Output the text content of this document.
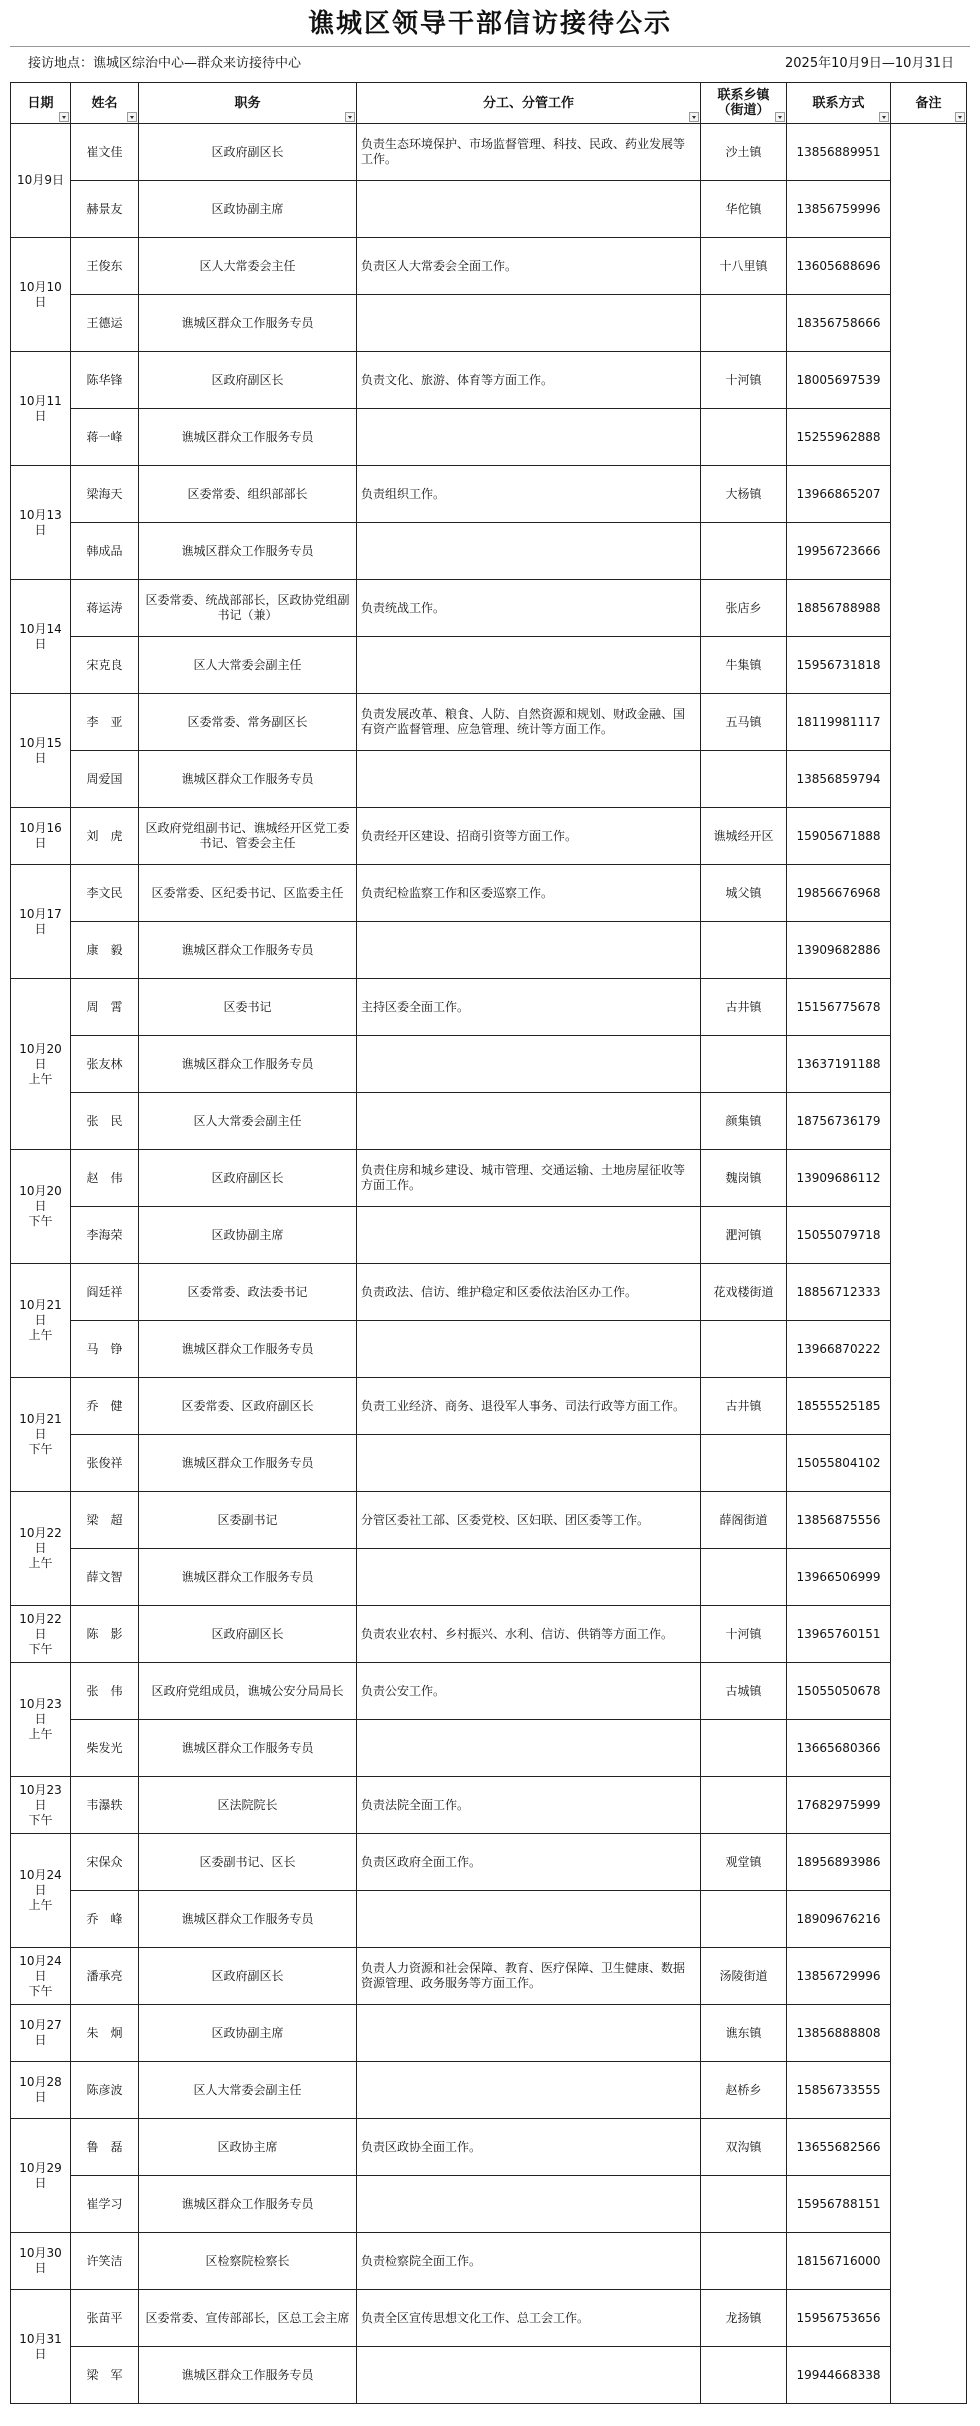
谯城区领导干部信访接待公示
接访地点：谯城区综治中心—群众来访接待中心	2025年10月9日—10月31日
日期	姓名	职务	分工、分管工作	联系乡镇
（街道）	联系方式	备注

10月9日	崔文佳	区政府副区长	负责生态环境保护、市场监督管理、科技、民政、药业发展等工作。	沙土镇	13856889951	
	赫景友	区政协副主席		华佗镇	13856759996	
10月10日	王俊东	区人大常委会主任	负责区人大常委会全面工作。	十八里镇	13605688696	
	王德运	谯城区群众工作服务专员			18356758666	
10月11日	陈华锋	区政府副区长	负责文化、旅游、体育等方面工作。	十河镇	18005697539	
	蒋一峰	谯城区群众工作服务专员			15255962888	
10月13日	梁海天	区委常委、组织部部长	负责组织工作。	大杨镇	13966865207	
	韩成品	谯城区群众工作服务专员			19956723666	
10月14日	蒋运涛	区委常委、统战部部长，区政协党组副书记（兼）	负责统战工作。	张店乡	18856788988	
	宋克良	区人大常委会副主任		牛集镇	15956731818	
10月15日	李　亚	区委常委、常务副区长	负责发展改革、粮食、人防、自然资源和规划、财政金融、国有资产监督管理、应急管理、统计等方面工作。	五马镇	18119981117	
	周爱国	谯城区群众工作服务专员			13856859794	
10月16日	刘　虎	区政府党组副书记、谯城经开区党工委书记、管委会主任	负责经开区建设、招商引资等方面工作。	谯城经开区	15905671888	
10月17日	李文民	区委常委、区纪委书记、区监委主任	负责纪检监察工作和区委巡察工作。	城父镇	19856676968	
	康　毅	谯城区群众工作服务专员			13909682886	
10月20日
上午	周　霄	区委书记	主持区委全面工作。	古井镇	15156775678	
	张友林	谯城区群众工作服务专员			13637191188	
	张　民	区人大常委会副主任		颜集镇	18756736179	
10月20日
下午	赵　伟	区政府副区长	负责住房和城乡建设、城市管理、交通运输、土地房屋征收等方面工作。	魏岗镇	13909686112	
	李海荣	区政协副主席		淝河镇	15055079718	
10月21日
上午	阎廷祥	区委常委、政法委书记	负责政法、信访、维护稳定和区委依法治区办工作。	花戏楼街道	18856712333	
	马　铮	谯城区群众工作服务专员			13966870222	
10月21日
下午	乔　健	区委常委、区政府副区长	负责工业经济、商务、退役军人事务、司法行政等方面工作。	古井镇	18555525185	
	张俊祥	谯城区群众工作服务专员			15055804102	
10月22日
上午	梁　超	区委副书记	分管区委社工部、区委党校、区妇联、团区委等工作。	薛阁街道	13856875556	
	薛文智	谯城区群众工作服务专员			13966506999	
10月22日
下午	陈　影	区政府副区长	负责农业农村、乡村振兴、水利、信访、供销等方面工作。	十河镇	13965760151	
10月23日
上午	张　伟	区政府党组成员，谯城公安分局局长	负责公安工作。	古城镇	15055050678	
	柴发光	谯城区群众工作服务专员			13665680366	
10月23日
下午	韦瀑轶	区法院院长	负责法院全面工作。		17682975999	
10月24日
上午	宋保众	区委副书记、区长	负责区政府全面工作。	观堂镇	18956893986	
	乔　峰	谯城区群众工作服务专员			18909676216	
10月24日
下午	潘承亮	区政府副区长	负责人力资源和社会保障、教育、医疗保障、卫生健康、数据资源管理、政务服务等方面工作。	汤陵街道	13856729996	
10月27日	朱　炯	区政协副主席		谯东镇	13856888808	
10月28日	陈彦波	区人大常委会副主任		赵桥乡	15856733555	
10月29日	鲁　磊	区政协主席	负责区政协全面工作。	双沟镇	13655682566	
	崔学习	谯城区群众工作服务专员			15956788151	
10月30日	许笑洁	区检察院检察长	负责检察院全面工作。		18156716000	
10月31日	张苗平	区委常委、宣传部部长，区总工会主席	负责全区宣传思想文化工作、总工会工作。	龙扬镇	15956753656	
	梁　军	谯城区群众工作服务专员			19944668338	
